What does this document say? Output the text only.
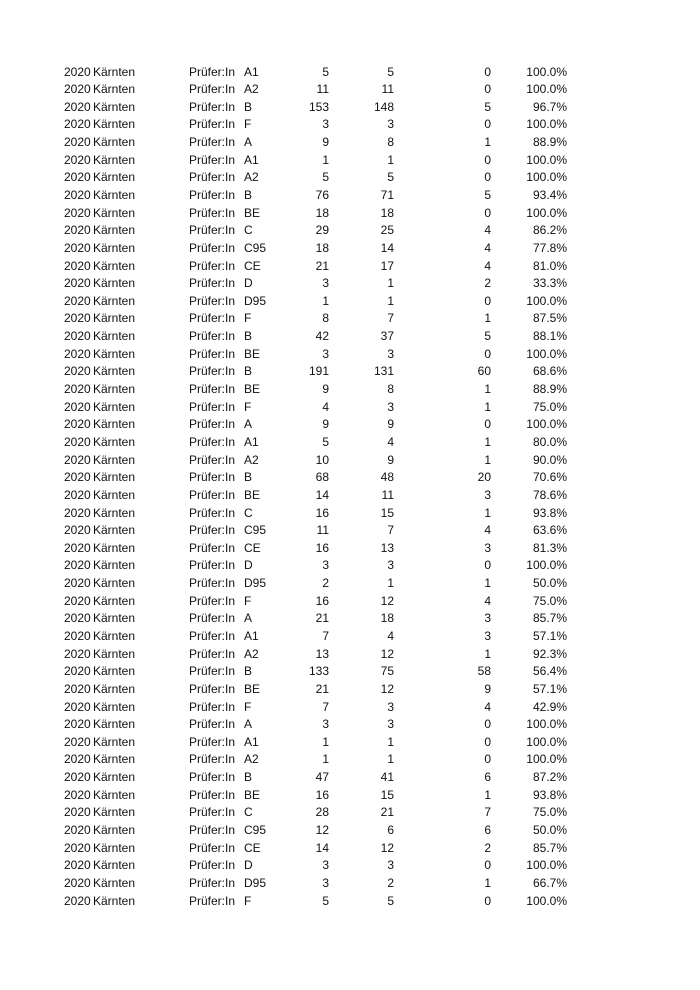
2020 Kärnten	Prüfer:In A1	5	5	0	100.0%
2020 Kärnten	Prüfer:In A2	11	11	0	100.0%
2020 Kärnten	Prüfer:In B	153	148	5	96.7%
2020 Kärnten	Prüfer:In F	3	3	0	100.0%
2020 Kärnten	Prüfer:In A	9	8	1	88.9%
2020 Kärnten	Prüfer:In A1	1	1	0	100.0%
2020 Kärnten	Prüfer:In A2	5	5	0	100.0%
2020 Kärnten	Prüfer:In B	76	71	5	93.4%
2020 Kärnten	Prüfer:In BE	18	18	0	100.0%
2020 Kärnten	Prüfer:In C	29	25	4	86.2%
2020 Kärnten	Prüfer:In C95	18	14	4	77.8%
2020 Kärnten	Prüfer:In CE	21	17	4	81.0%
2020 Kärnten	Prüfer:In D	3	1	2	33.3%
2020 Kärnten	Prüfer:In D95	1	1	0	100.0%
2020 Kärnten	Prüfer:In F	8	7	1	87.5%
2020 Kärnten	Prüfer:In B	42	37	5	88.1%
2020 Kärnten	Prüfer:In BE	3	3	0	100.0%
2020 Kärnten	Prüfer:In B	191	131	60	68.6%
2020 Kärnten	Prüfer:In BE	9	8	1	88.9%
2020 Kärnten	Prüfer:In F	4	3	1	75.0%
2020 Kärnten	Prüfer:In A	9	9	0	100.0%
2020 Kärnten	Prüfer:In A1	5	4	1	80.0%
2020 Kärnten	Prüfer:In A2	10	9	1	90.0%
2020 Kärnten	Prüfer:In B	68	48	20	70.6%
2020 Kärnten	Prüfer:In BE	14	11	3	78.6%
2020 Kärnten	Prüfer:In C	16	15	1	93.8%
2020 Kärnten	Prüfer:In C95	11	7	4	63.6%
2020 Kärnten	Prüfer:In CE	16	13	3	81.3%
2020 Kärnten	Prüfer:In D	3	3	0	100.0%
2020 Kärnten	Prüfer:In D95	2	1	1	50.0%
2020 Kärnten	Prüfer:In F	16	12	4	75.0%
2020 Kärnten	Prüfer:In A	21	18	3	85.7%
2020 Kärnten	Prüfer:In A1	7	4	3	57.1%
2020 Kärnten	Prüfer:In A2	13	12	1	92.3%
2020 Kärnten	Prüfer:In B	133	75	58	56.4%
2020 Kärnten	Prüfer:In BE	21	12	9	57.1%
2020 Kärnten	Prüfer:In F	7	3	4	42.9%
2020 Kärnten	Prüfer:In A	3	3	0	100.0%
2020 Kärnten	Prüfer:In A1	1	1	0	100.0%
2020 Kärnten	Prüfer:In A2	1	1	0	100.0%
2020 Kärnten	Prüfer:In B	47	41	6	87.2%
2020 Kärnten	Prüfer:In BE	16	15	1	93.8%
2020 Kärnten	Prüfer:In C	28	21	7	75.0%
2020 Kärnten	Prüfer:In C95	12	6	6	50.0%
2020 Kärnten	Prüfer:In CE	14	12	2	85.7%
2020 Kärnten	Prüfer:In D	3	3	0	100.0%
2020 Kärnten	Prüfer:In D95	3	2	1	66.7%
2020 Kärnten	Prüfer:In F	5	5	0	100.0%
